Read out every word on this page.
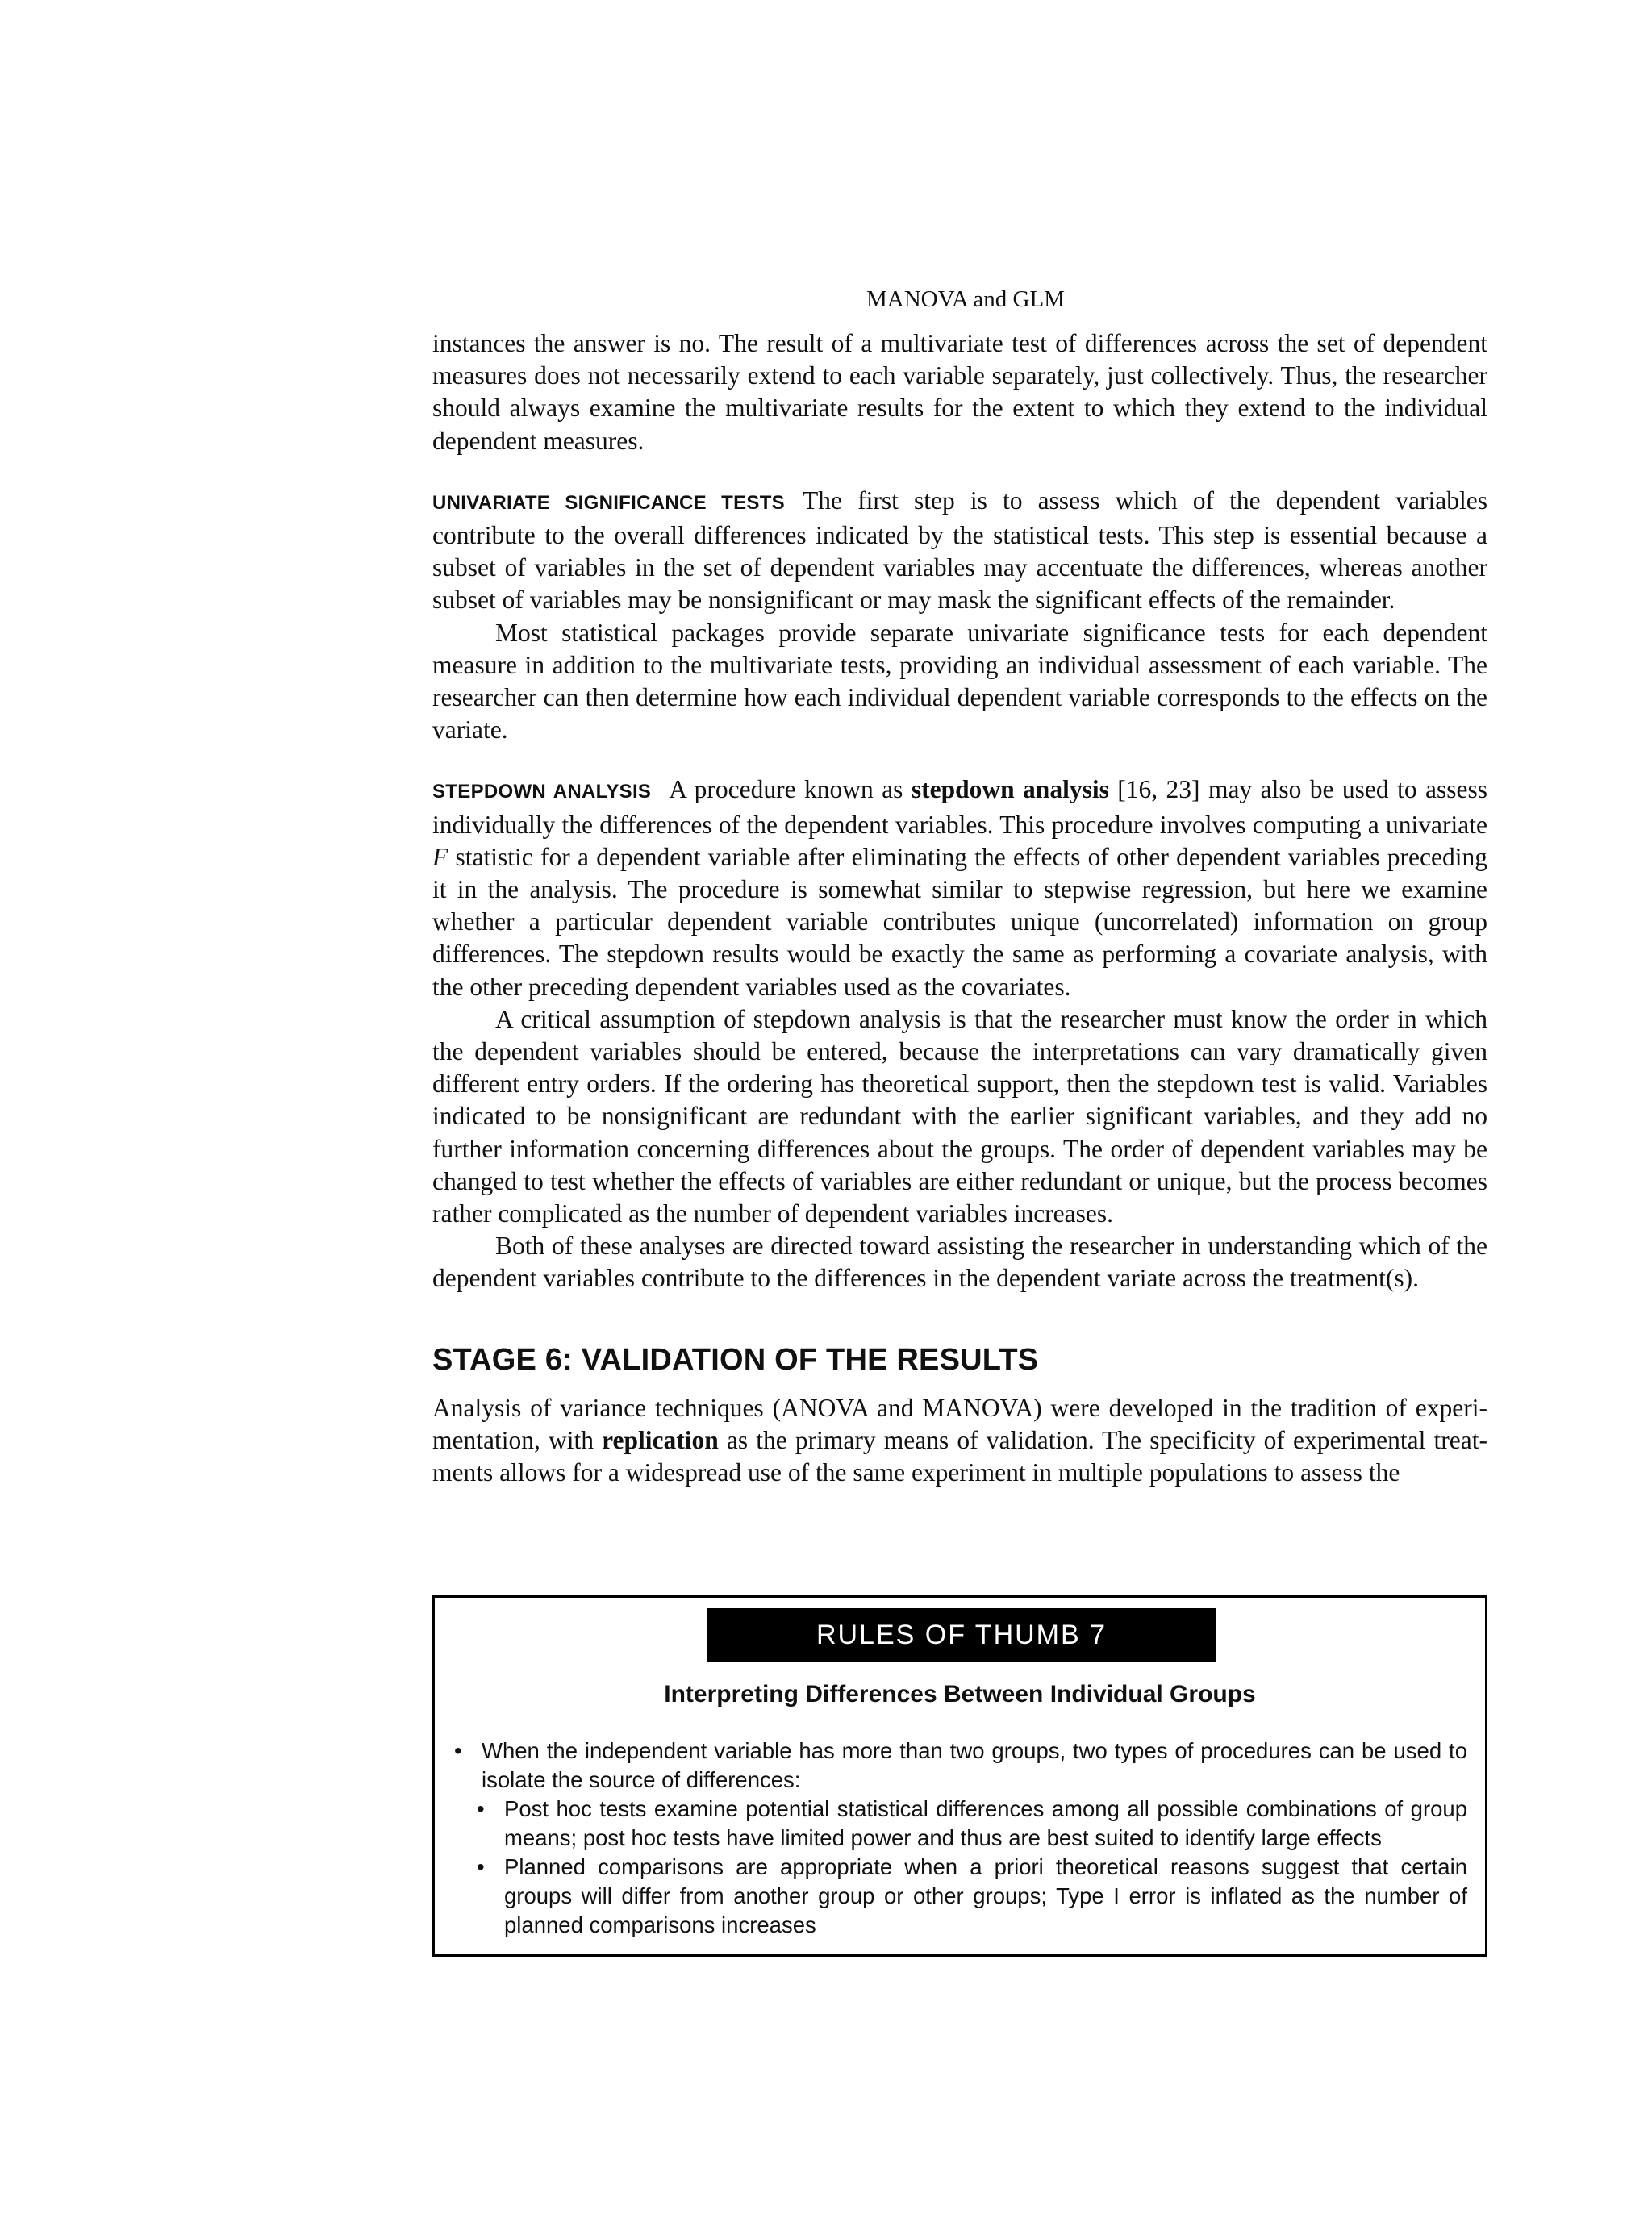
MANOVA and GLM

instances the answer is no. The result of a multivariate test of differences across the set of dependent measures does not necessarily extend to each variable separately, just collectively. Thus, the researcher should always examine the multivariate results for the extent to which they extend to the individual dependent measures.

UNIVARIATE SIGNIFICANCE TESTS The first step is to assess which of the dependent variables contribute to the overall differences indicated by the statistical tests. This step is essential because a subset of variables in the set of dependent variables may accentuate the differences, whereas another subset of variables may be nonsignificant or may mask the significant effects of the remainder.

Most statistical packages provide separate univariate significance tests for each dependent measure in addition to the multivariate tests, providing an individual assessment of each variable. The researcher can then determine how each individual dependent variable corresponds to the effects on the variate.

STEPDOWN ANALYSIS A procedure known as stepdown analysis [16, 23] may also be used to assess individually the differences of the dependent variables. This procedure involves computing a univariate F statistic for a dependent variable after eliminating the effects of other dependent variables preceding it in the analysis. The procedure is somewhat similar to stepwise regression, but here we examine whether a particular dependent variable contributes unique (uncorrelated) information on group differences. The stepdown results would be exactly the same as performing a covariate analysis, with the other preceding dependent variables used as the covariates.

A critical assumption of stepdown analysis is that the researcher must know the order in which the dependent variables should be entered, because the interpretations can vary dramatically given different entry orders. If the ordering has theoretical support, then the stepdown test is valid. Variables indicated to be nonsignificant are redundant with the earlier significant variables, and they add no further information concerning differences about the groups. The order of dependent variables may be changed to test whether the effects of variables are either redundant or unique, but the process becomes rather complicated as the number of dependent variables increases.

Both of these analyses are directed toward assisting the researcher in understanding which of the dependent variables contribute to the differences in the dependent variate across the treatment(s).

STAGE 6: VALIDATION OF THE RESULTS

Analysis of variance techniques (ANOVA and MANOVA) were developed in the tradition of experimentation, with replication as the primary means of validation. The specificity of experimental treatments allows for a widespread use of the same experiment in multiple populations to assess the

RULES OF THUMB 7
Interpreting Differences Between Individual Groups
• When the independent variable has more than two groups, two types of procedures can be used to isolate the source of differences:
• Post hoc tests examine potential statistical differences among all possible combinations of group means; post hoc tests have limited power and thus are best suited to identify large effects
• Planned comparisons are appropriate when a priori theoretical reasons suggest that certain groups will differ from another group or other groups; Type I error is inflated as the number of planned comparisons increases
